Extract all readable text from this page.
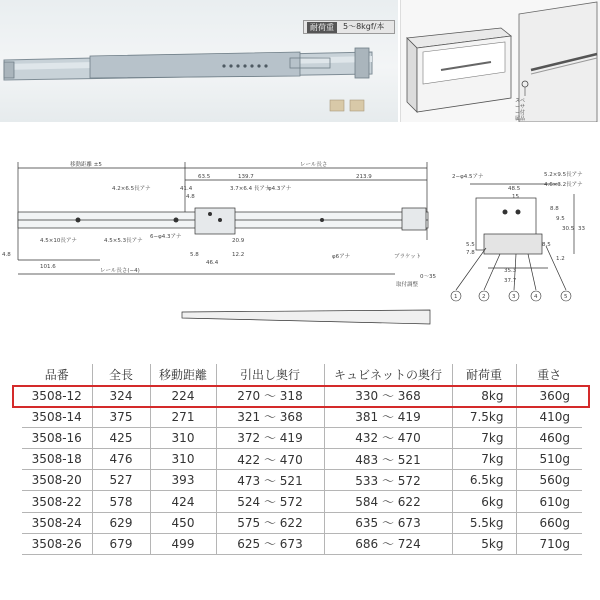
耐荷重	5～8kgf/本
スペーサー付属品
移動距離 ±5	レール長さ
63.5	139.7	213.9
4.2×6.5長アナ	41.4
4.8
3.7×6.4 長アナ
φ4.3アナ
6−φ4.3アナ
20.9
12.2
5.8
46.4
4.5×10長アナ	4.5×5.3長アナ
4.8
101.6
レール長さ(−4)
φ6アナ	ブラケット
取付調整
0〜35
2−φ4.5アナ	5.2×9.5長アナ
4.6×3.2長アナ
48.5
15
35.3
37.7
33
30.5
8.8
9.5
1.2
8.5
5.5
7.8
1	2	3	4	5
品番	全長	移動距離	引出し奥行	キュビネットの奥行	耐荷重	重さ
3508-12	324	224	270 ～ 318	330 ～ 368	8kg	360g
3508-14	375	271	321 ～ 368	381 ～ 419	7.5kg	410g
3508-16	425	310	372 ～ 419	432 ～ 470	7kg	460g
3508-18	476	310	422 ～ 470	483 ～ 521	7kg	510g
3508-20	527	393	473 ～ 521	533 ～ 572	6.5kg	560g
3508-22	578	424	524 ～ 572	584 ～ 622	6kg	610g
3508-24	629	450	575 ～ 622	635 ～ 673	5.5kg	660g
3508-26	679	499	625 ～ 673	686 ～ 724	5kg	710g
